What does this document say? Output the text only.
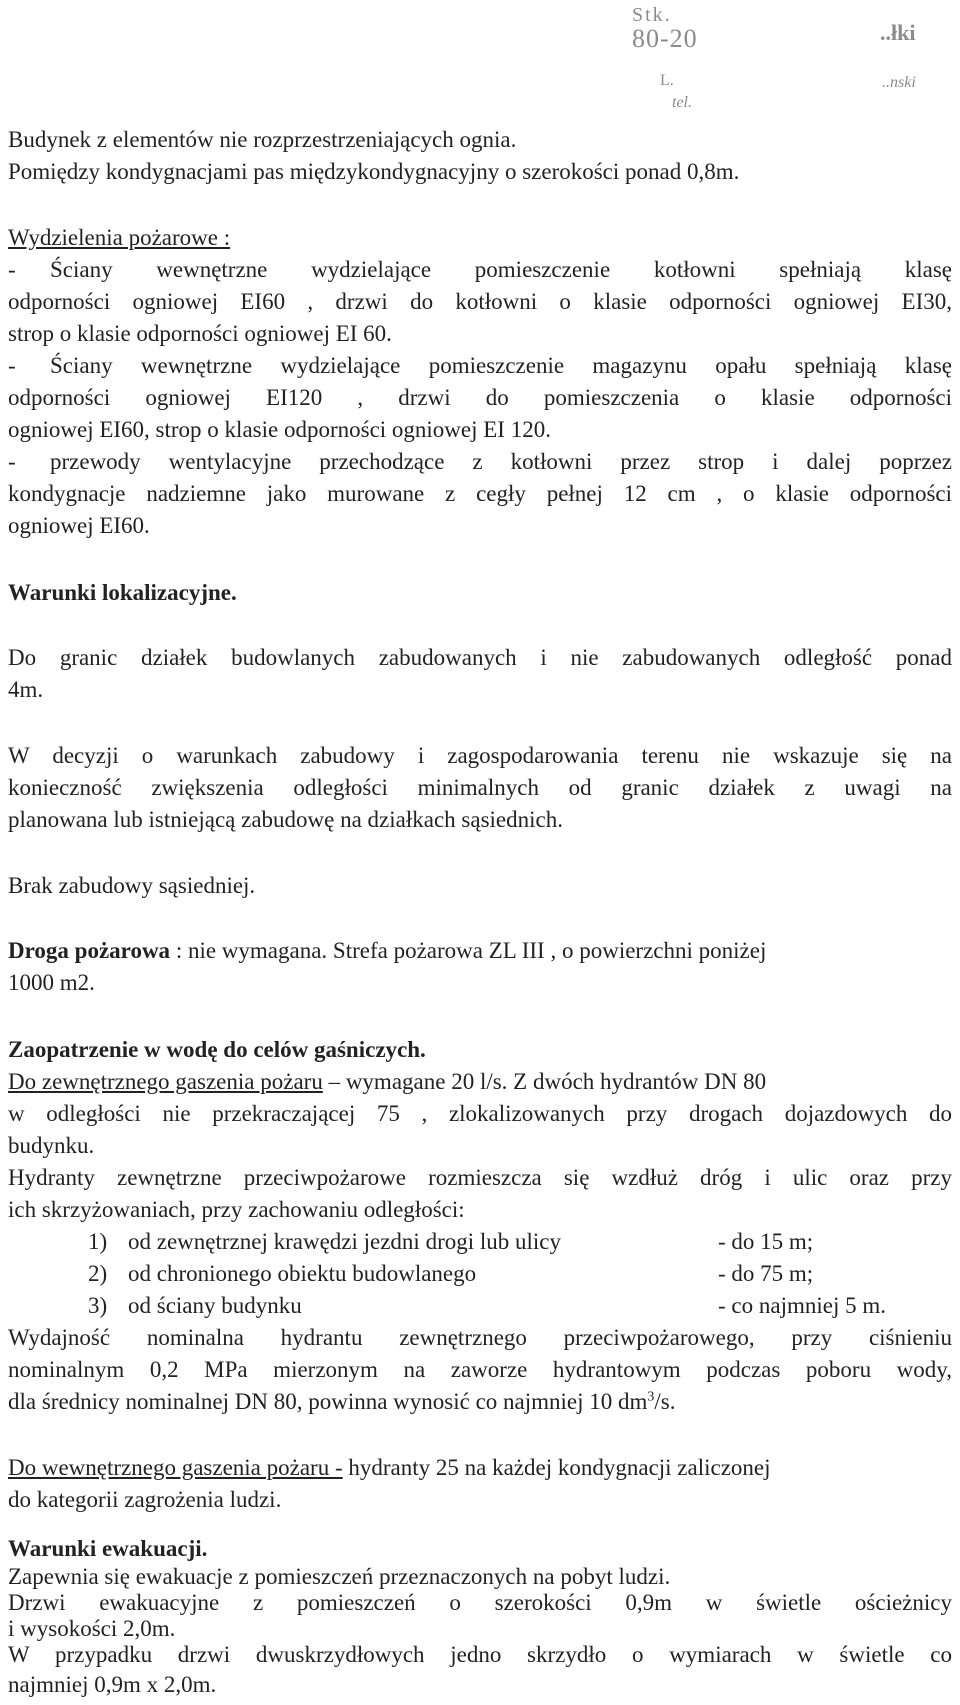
Stk.
80-20
L.
tel.
..łki
..nski
Budynek z elementów nie rozprzestrzeniających ognia.
Pomiędzy kondygnacjami pas międzykondygnacyjny o szerokości ponad 0,8m.
Wydzielenia pożarowe :
- Ściany wewnętrzne wydzielające pomieszczenie kotłowni spełniają klasę
odporności ogniowej EI60 , drzwi do kotłowni o klasie odporności ogniowej EI30,
strop o klasie odporności ogniowej EI 60.
- Ściany wewnętrzne wydzielające pomieszczenie magazynu opału spełniają klasę
odporności ogniowej EI120 , drzwi do pomieszczenia o klasie odporności
ogniowej EI60, strop o klasie odporności ogniowej EI 120.
- przewody wentylacyjne przechodzące z kotłowni przez strop i dalej poprzez
kondygnacje nadziemne jako murowane z cegły pełnej 12 cm , o klasie odporności
ogniowej EI60.
Warunki lokalizacyjne.
Do granic działek budowlanych zabudowanych i nie zabudowanych odległość ponad
4m.
W decyzji o warunkach zabudowy i zagospodarowania terenu nie wskazuje się na
konieczność zwiększenia odległości minimalnych od granic działek z uwagi na
planowana lub istniejącą zabudowę na działkach sąsiednich.
Brak zabudowy sąsiedniej.
Droga pożarowa : nie wymagana. Strefa pożarowa ZL III , o powierzchni poniżej
1000 m2.
Zaopatrzenie w wodę do celów gaśniczych.
Do zewnętrznego gaszenia pożaru – wymagane 20 l/s. Z dwóch hydrantów DN 80
w odległości nie przekraczającej 75 , zlokalizowanych przy drogach dojazdowych do
budynku.
Hydranty zewnętrzne przeciwpożarowe rozmieszcza się wzdłuż dróg i ulic oraz przy
ich skrzyżowaniach, przy zachowaniu odległości:
1) od zewnętrznej krawędzi jezdni drogi lub ulicy	- do 15 m;
2) od chronionego obiektu budowlanego	- do 75 m;
3) od ściany budynku	- co najmniej 5 m.
Wydajność nominalna hydrantu zewnętrznego przeciwpożarowego, przy ciśnieniu
nominalnym 0,2 MPa mierzonym na zaworze hydrantowym podczas poboru wody,
dla średnicy nominalnej DN 80, powinna wynosić co najmniej 10 $dm^3/s$.
Do wewnętrznego gaszenia pożaru - hydranty 25 na każdej kondygnacji zaliczonej
do kategorii zagrożenia ludzi.
Warunki ewakuacji.
Zapewnia się ewakuacje z pomieszczeń przeznaczonych na pobyt ludzi.
Drzwi ewakuacyjne z pomieszczeń o szerokości 0,9m w świetle ościeżnicy
i wysokości 2,0m.
W przypadku drzwi dwuskrzydłowych jedno skrzydło o wymiarach w świetle co
najmniej 0,9m x 2,0m.
